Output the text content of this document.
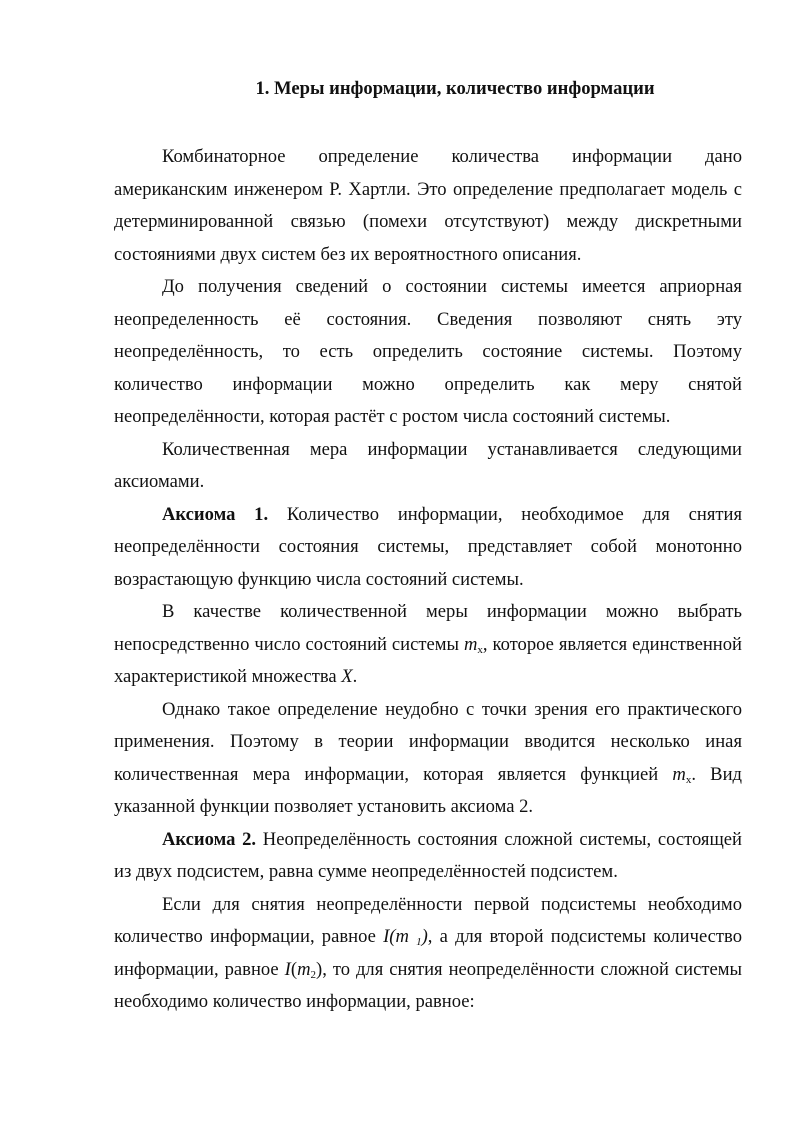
1. Меры информации, количество информации

Комбинаторное определение количества информации дано американским инженером Р. Хартли. Это определение предполагает модель с детерминированной связью (помехи отсутствуют) между дискретными состояниями двух систем без их вероятностного описания.

До получения сведений о состоянии системы имеется априорная неопределенность её состояния. Сведения позволяют снять эту неопределённость, то есть определить состояние системы. Поэтому количество информации можно определить как меру снятой неопределённости, которая растёт с ростом числа состояний системы.

Количественная мера информации устанавливается следующими аксиомами.

Аксиома 1. Количество информации, необходимое для снятия неопределённости состояния системы, представляет собой монотонно возрастающую функцию числа состояний системы.

В качестве количественной меры информации можно выбрать непосредственно число состояний системы $m_x$, которое является единственной характеристикой множества X.

Однако такое определение неудобно с точки зрения его практического применения. Поэтому в теории информации вводится несколько иная количественная мера информации, которая является функцией $m_x$. Вид указанной функции позволяет установить аксиома 2.

Аксиома 2. Неопределённость состояния сложной системы, состоящей из двух подсистем, равна сумме неопределённостей подсистем.

Если для снятия неопределённости первой подсистемы необходимо количество информации, равное I(m $_1$), а для второй подсистемы количество информации, равное $I(m_2)$, то для снятия неопределённости сложной системы необходимо количество информации, равное:
